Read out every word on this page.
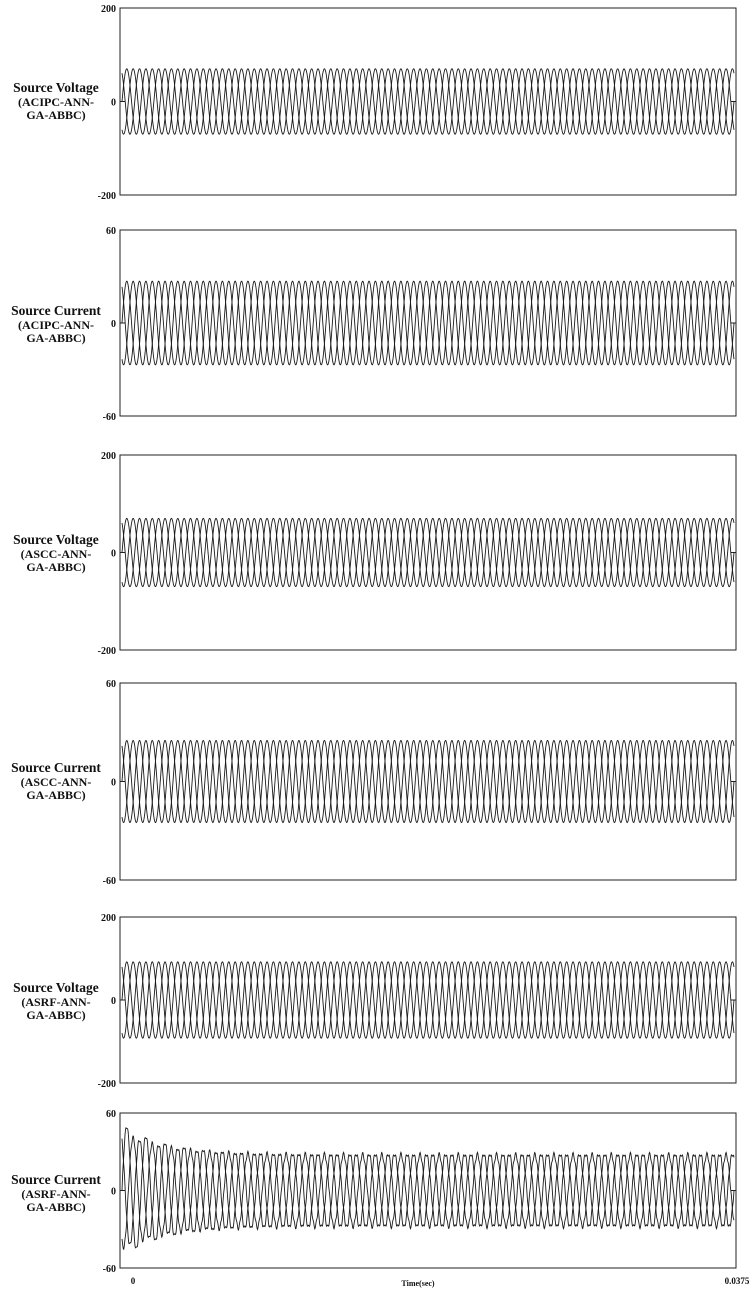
200
0
-200
60
0
-60
200
0
-200
60
0
-60
200
0
-200
60
0
-60
0	Time(sec)	0.0375
Source Voltage
(ACIPC-ANN-
GA-ABBC)
Source Current
(ACIPC-ANN-
GA-ABBC)
Source Voltage
(ASCC-ANN-
GA-ABBC)
Source Current
(ASCC-ANN-
GA-ABBC)
Source Voltage
(ASRF-ANN-
GA-ABBC)
Source Current
(ASRF-ANN-
GA-ABBC)
